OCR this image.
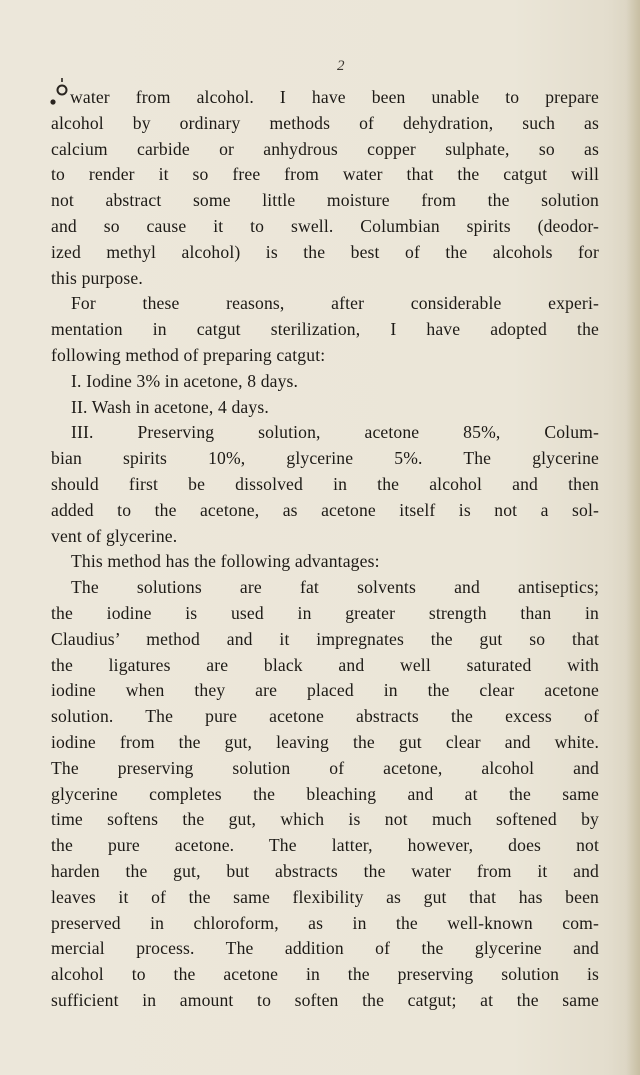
2
water from alcohol. I have been unable to prepare
alcohol by ordinary methods of dehydration, such as
calcium carbide or anhydrous copper sulphate, so as
to render it so free from water that the catgut will
not abstract some little moisture from the solution
and so cause it to swell. Columbian spirits (deodor-
ized methyl alcohol) is the best of the alcohols for
this purpose.
For these reasons, after considerable experi-
mentation in catgut sterilization, I have adopted the
following method of preparing catgut:
I. Iodine 3% in acetone, 8 days.
II. Wash in acetone, 4 days.
III. Preserving solution, acetone 85%, Colum-
bian spirits 10%, glycerine 5%. The glycerine
should first be dissolved in the alcohol and then
added to the acetone, as acetone itself is not a sol-
vent of glycerine.
This method has the following advantages:
The solutions are fat solvents and antiseptics;
the iodine is used in greater strength than in
Claudius’ method and it impregnates the gut so that
the ligatures are black and well saturated with
iodine when they are placed in the clear acetone
solution. The pure acetone abstracts the excess of
iodine from the gut, leaving the gut clear and white.
The preserving solution of acetone, alcohol and
glycerine completes the bleaching and at the same
time softens the gut, which is not much softened by
the pure acetone. The latter, however, does not
harden the gut, but abstracts the water from it and
leaves it of the same flexibility as gut that has been
preserved in chloroform, as in the well-known com-
mercial process. The addition of the glycerine and
alcohol to the acetone in the preserving solution is
sufficient in amount to soften the catgut; at the same
